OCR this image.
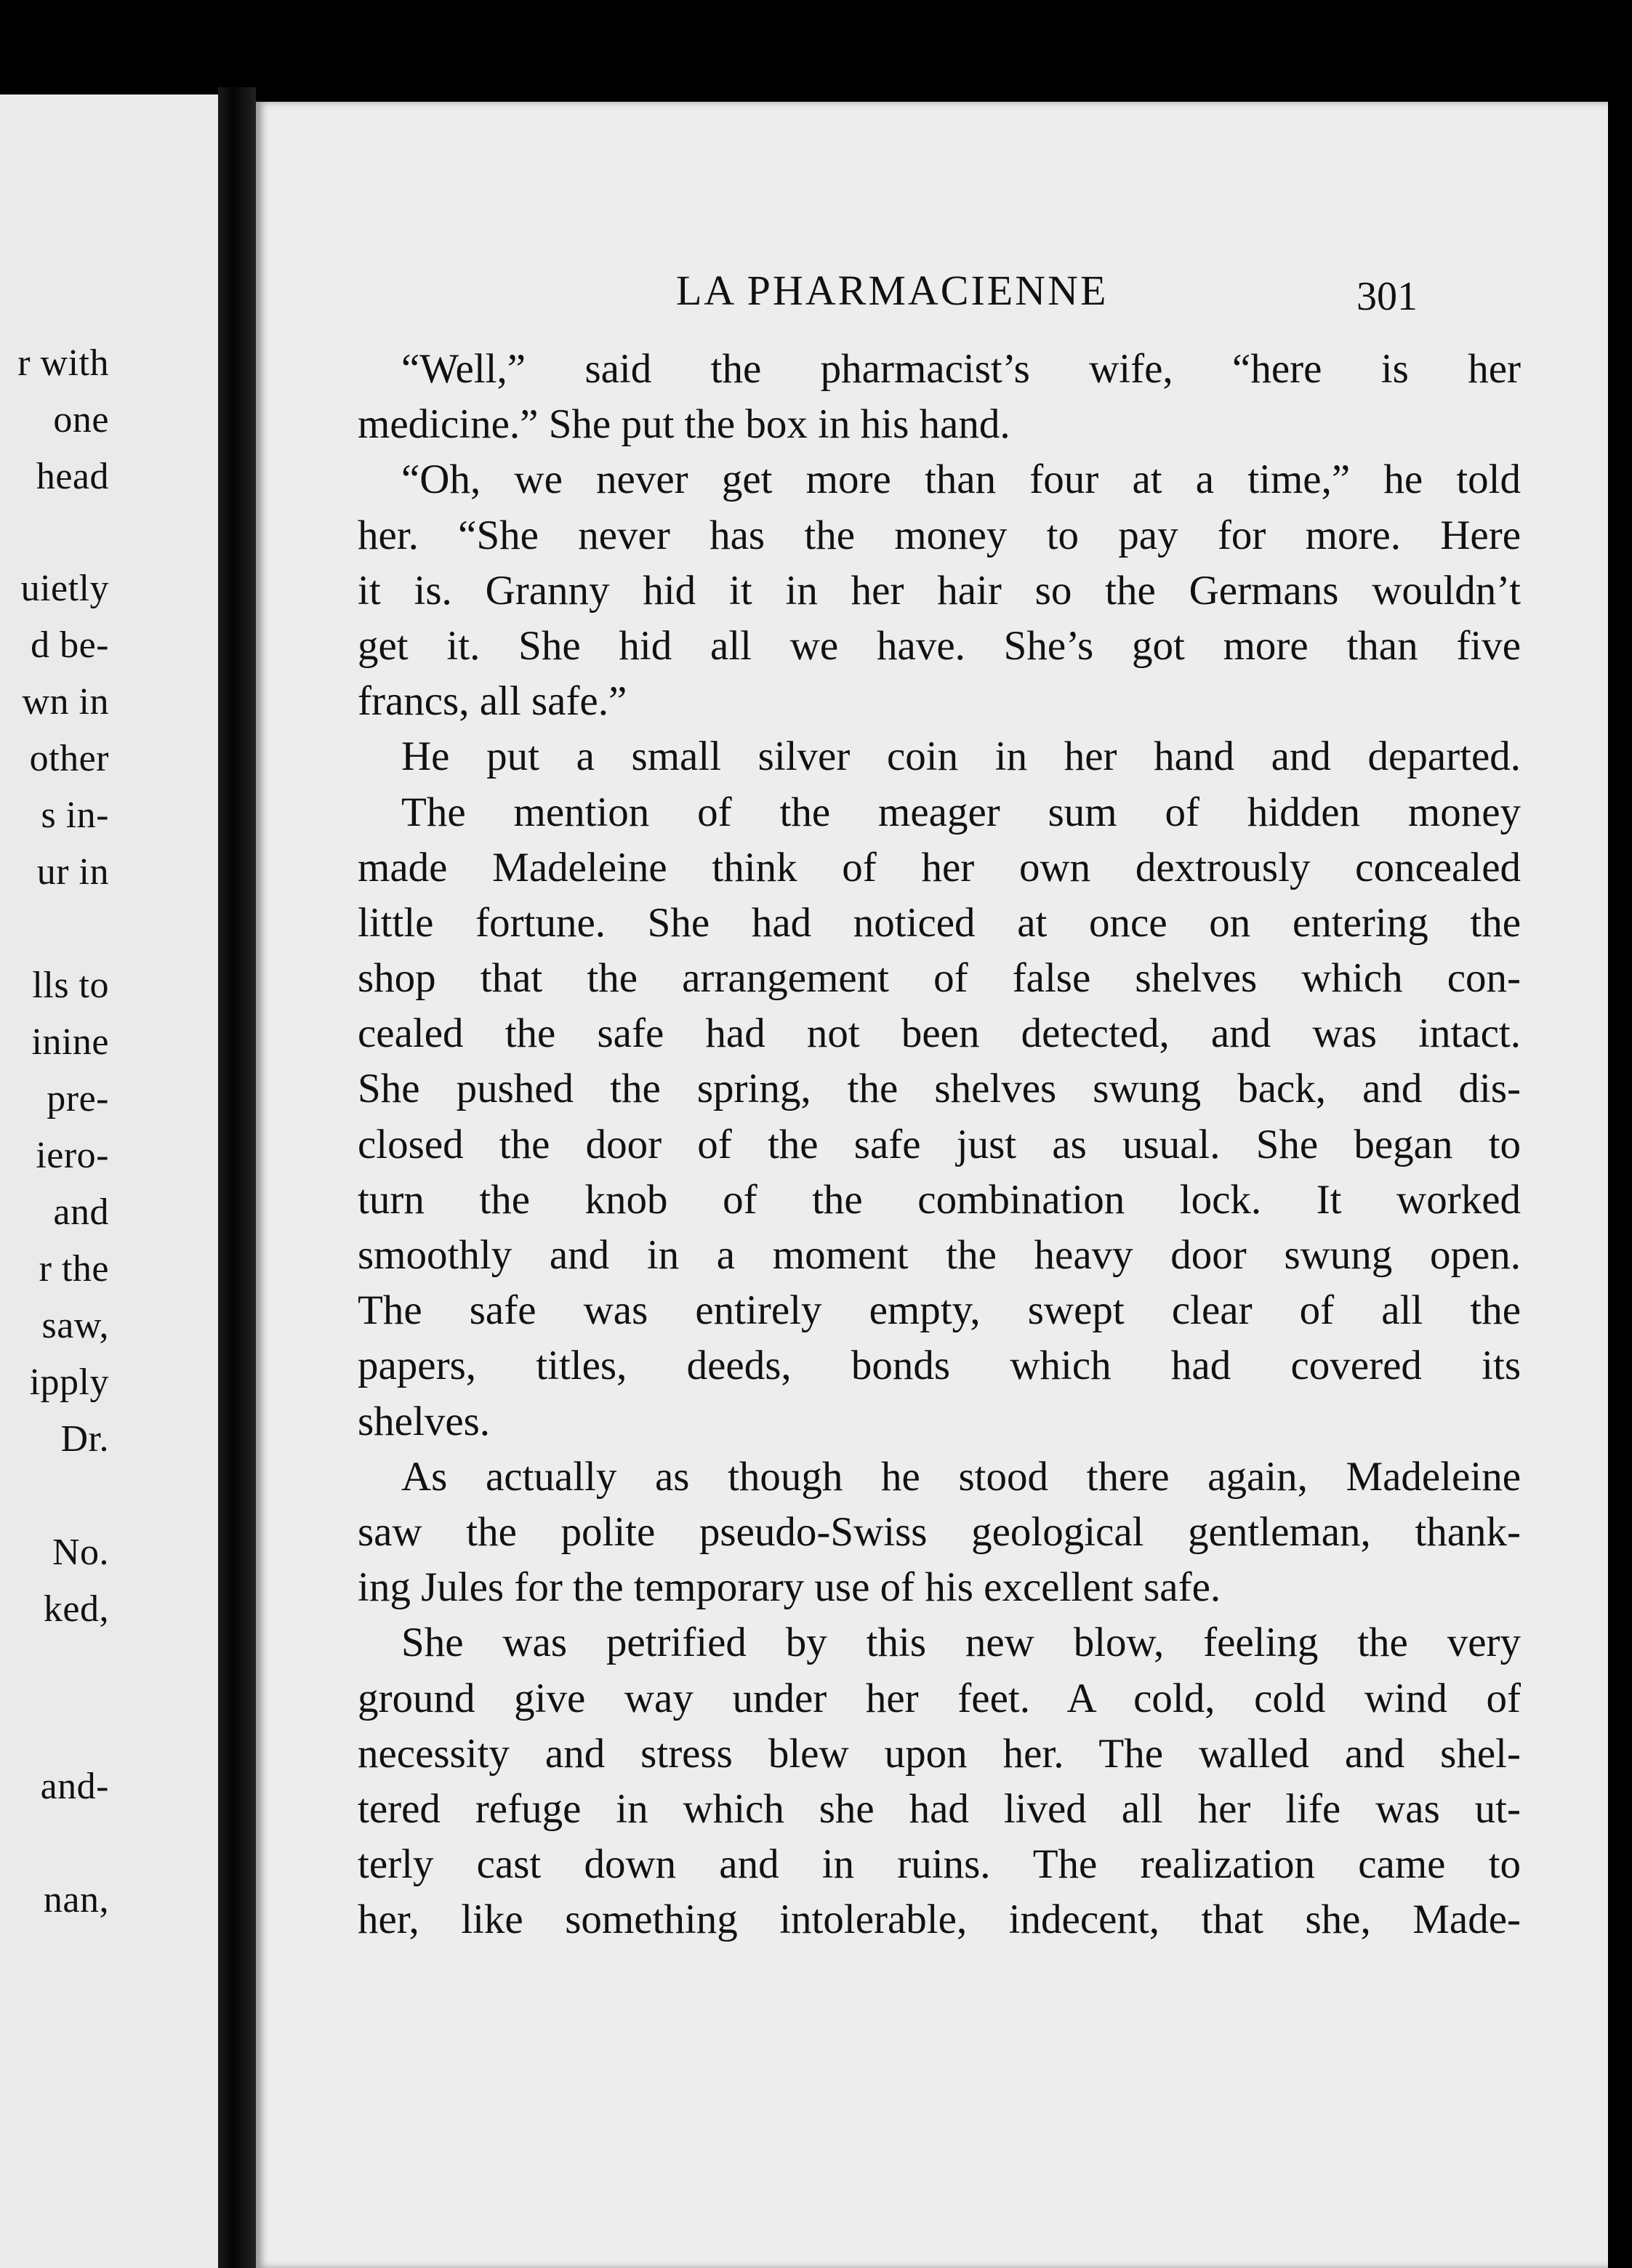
r with
one
head
uietly
d be-
wn in
other
s in-
ur in
lls to
inine
pre-
iero-
and
r the
saw,
ipply
Dr.
No.
ked,
and-
nan,
LA PHARMACIENNE	301
“Well,” said the pharmacist’s wife, “here is her
medicine.” She put the box in his hand.
“Oh, we never get more than four at a time,” he told
her. “She never has the money to pay for more. Here
it is. Granny hid it in her hair so the Germans wouldn’t
get it. She hid all we have. She’s got more than five
francs, all safe.”
He put a small silver coin in her hand and departed.
The mention of the meager sum of hidden money
made Madeleine think of her own dextrously concealed
little fortune. She had noticed at once on entering the
shop that the arrangement of false shelves which con-
cealed the safe had not been detected, and was intact.
She pushed the spring, the shelves swung back, and dis-
closed the door of the safe just as usual. She began to
turn the knob of the combination lock. It worked
smoothly and in a moment the heavy door swung open.
The safe was entirely empty, swept clear of all the
papers, titles, deeds, bonds which had covered its
shelves.
As actually as though he stood there again, Madeleine
saw the polite pseudo-Swiss geological gentleman, thank-
ing Jules for the temporary use of his excellent safe.
She was petrified by this new blow, feeling the very
ground give way under her feet. A cold, cold wind of
necessity and stress blew upon her. The walled and shel-
tered refuge in which she had lived all her life was ut-
terly cast down and in ruins. The realization came to
her, like something intolerable, indecent, that she, Made-
